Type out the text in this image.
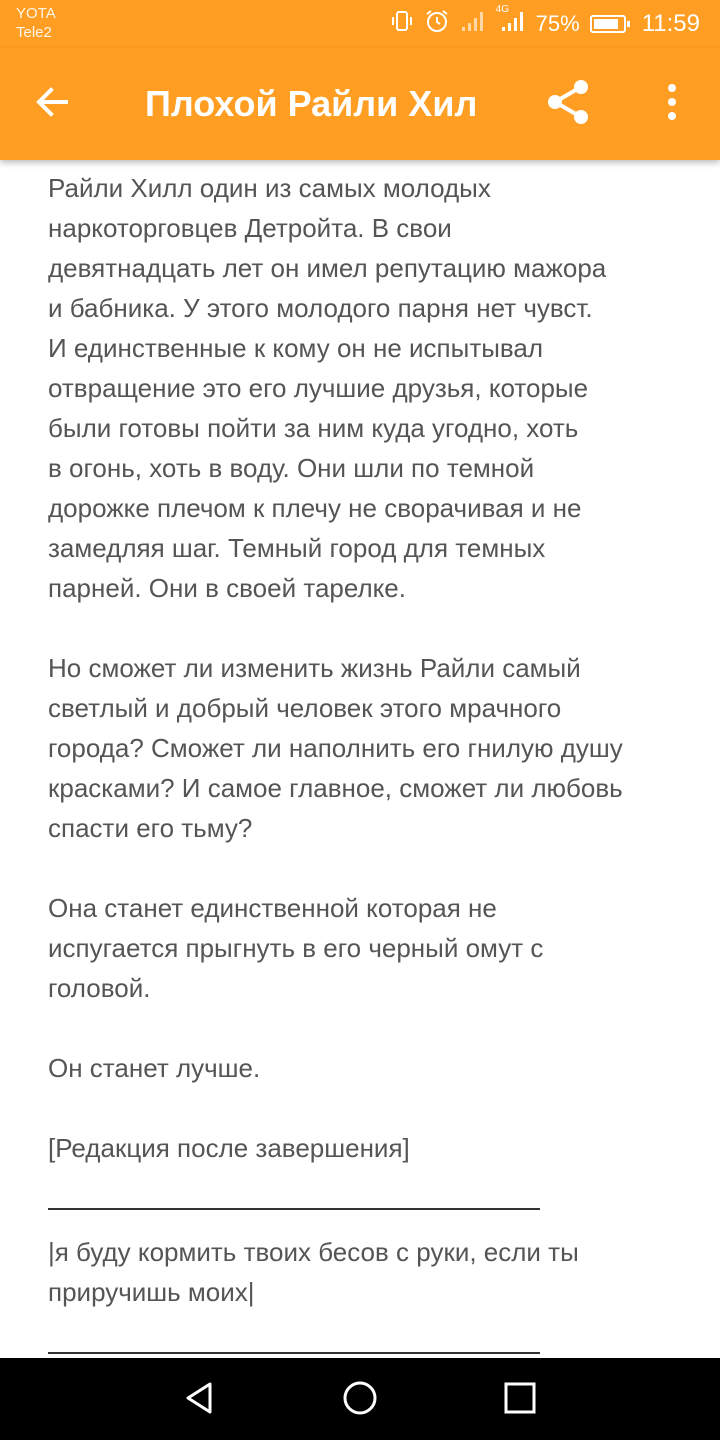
YOTA
Tele2
4G
75%	11:59
Плохой Райли Хил

Райли Хилл один из самых молодых
наркоторговцев Детройта. В свои
девятнадцать лет он имел репутацию мажора
и бабника. У этого молодого парня нет чувст.
И единственные к кому он не испытывал
отвращение это его лучшие друзья, которые
были готовы пойти за ним куда угодно, хоть
в огонь, хоть в воду. Они шли по темной
дорожке плечом к плечу не сворачивая и не
замедляя шаг. Темный город для темных
парней. Они в своей тарелке.

Но сможет ли изменить жизнь Райли самый
светлый и добрый человек этого мрачного
города? Сможет ли наполнить его гнилую душу
красками? И самое главное, сможет ли любовь
спасти его тьму?

Она станет единственной которая не
испугается прыгнуть в его черный омут с
головой.

Он станет лучше.

[Редакция после завершения]

|я буду кормить твоих бесов с руки, если ты
приручишь моих|
